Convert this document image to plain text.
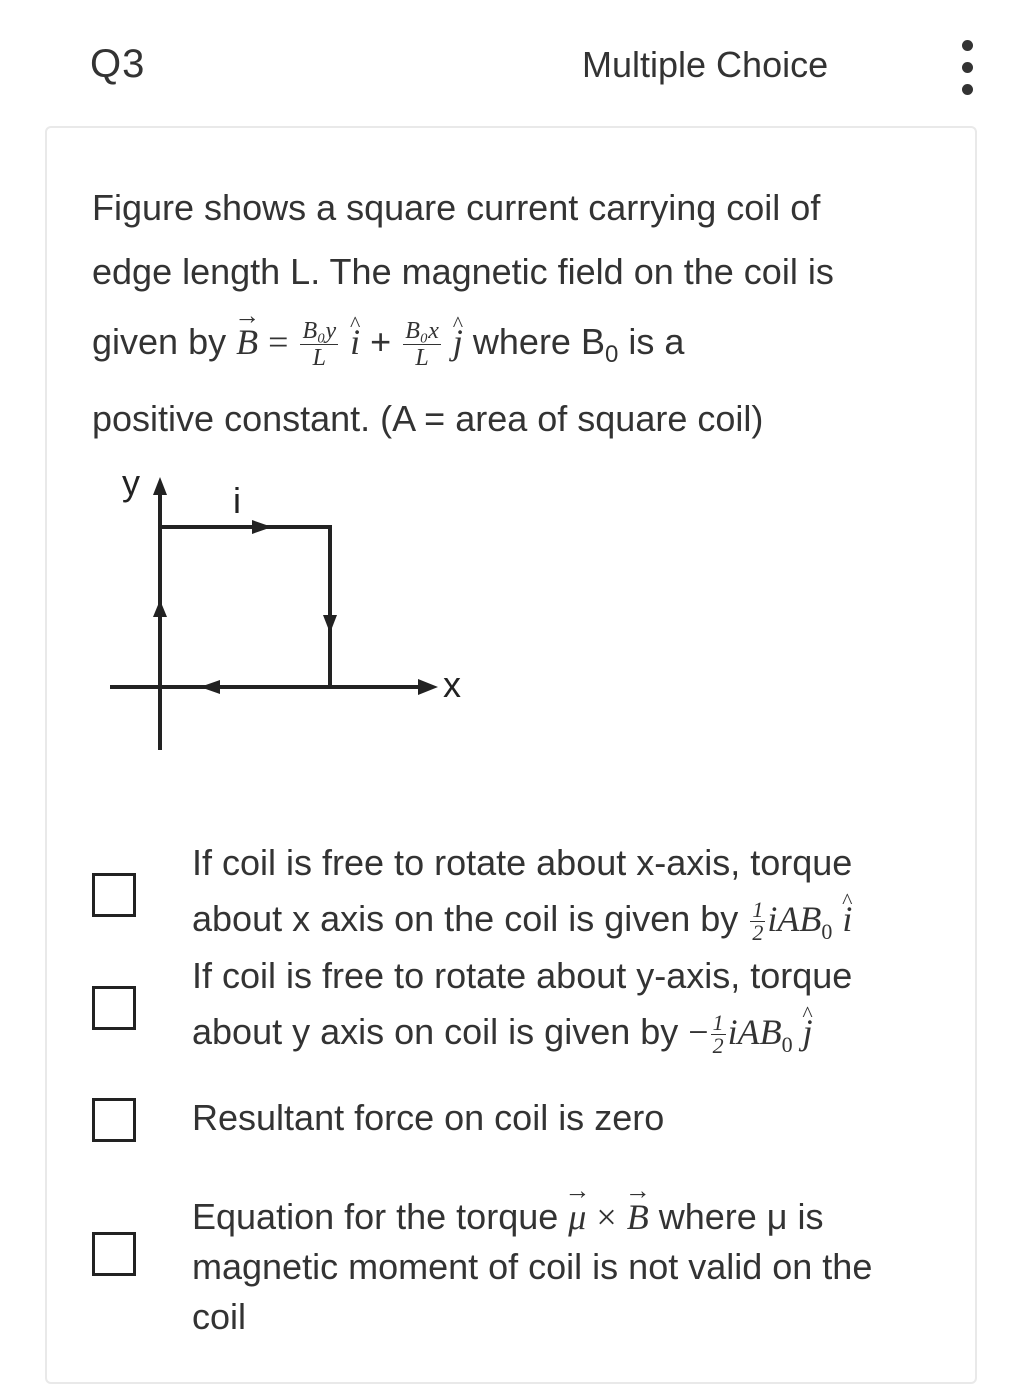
Q3	Multiple Choice
Figure shows a square current carrying coil of
edge length L. The magnetic field on the coil is
given by → $B = \frac{\text{B₀y}}{L}$ ^ $i + \frac{\text{B₀x}}{L}$ ^ j where $B_0$ is a
positive constant. (A = area of square coil)
y
x
i
If coil is free to rotate about x-axis, torque
about x axis on the coil is given by $\frac{1}{2} iAB_0$ ^ i
If coil is free to rotate about y-axis, torque
about y axis on coil is given by − $\frac{1}{2} iAB_0$ ^ j
Resultant force on coil is zero
Equation for the torque → μ × → B where μ is
magnetic moment of coil is not valid on the
coil
